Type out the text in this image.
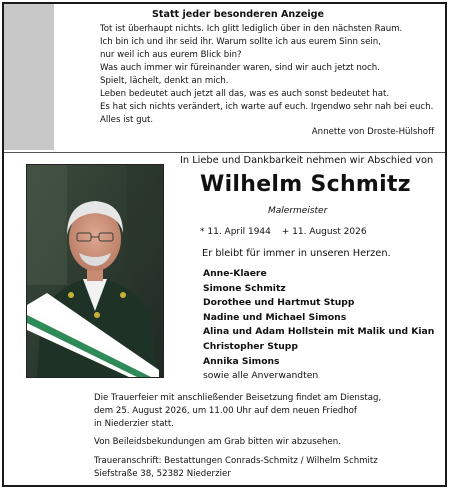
Statt jeder besonderen Anzeige
Tot ist überhaupt nichts. Ich glitt lediglich über in den nächsten Raum.
Ich bin ich und ihr seid ihr. Warum sollte ich aus eurem Sinn sein,
nur weil ich aus eurem Blick bin?
Was auch immer wir füreinander waren, sind wir auch jetzt noch.
Spielt, lächelt, denkt an mich.
Leben bedeutet auch jetzt all das, was es auch sonst bedeutet hat.
Es hat sich nichts verändert, ich warte auf euch. Irgendwo sehr nah bei euch.
Alles ist gut.
Annette von Droste-Hülshoff
In Liebe und Dankbarkeit nehmen wir Abschied von
Wilhelm Schmitz
Malermeister
* 11. April 1944 + 11. August 2026
Er bleibt für immer in unseren Herzen.
Anne-Klaere
Simone Schmitz
Dorothee und Hartmut Stupp
Nadine und Michael Simons
Alina und Adam Hollstein mit Malik und Kian
Christopher Stupp
Annika Simons
sowie alle Anverwandten

Die Trauerfeier mit anschließender Beisetzung findet am Dienstag,
dem 25. August 2026, um 11.00 Uhr auf dem neuen Friedhof
in Niederzier statt.

Von Beileidsbekundungen am Grab bitten wir abzusehen.

Traueranschrift: Bestattungen Conrads-Schmitz / Wilhelm Schmitz
Siefstraße 38, 52382 Niederzier
